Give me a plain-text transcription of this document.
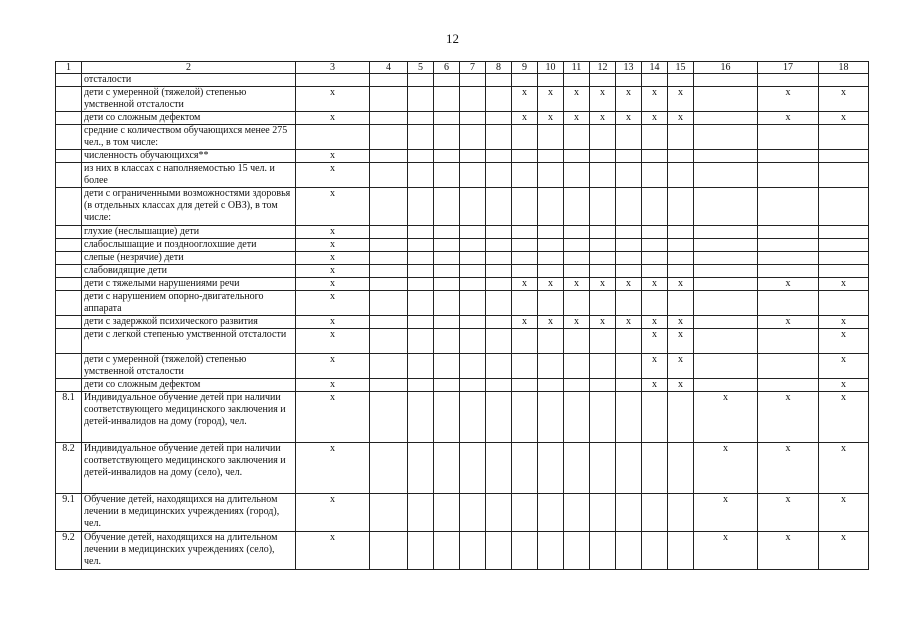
12
1	2	3	4	5	6	7	8	9	10	11	12	13	14	15	16	17	18
	отсталости																
	дети с умеренной (тяжелой) степенью умственной отсталости	x						x	x	x	x	x	x	x		x	x
	дети со сложным дефектом	x						x	x	x	x	x	x	x		x	x
	средние с количеством обучающихся менее 275 чел., в том числе:																
	численность обучающихся**	x															
	из них в классах с наполняемостью 15 чел. и более	x															
	дети с ограниченными возможностями здоровья (в отдельных классах для детей с ОВЗ), в том числе:	x															
	глухие (неслышащие) дети	x															
	слабослышащие и позднооглохшие дети	x															
	слепые (незрячие) дети	x															
	слабовидящие дети	x															
	дети с тяжелыми нарушениями речи	x						x	x	x	x	x	x	x		x	x
	дети с нарушением опорно-двигательного аппарата	x															
	дети с задержкой психического развития	x						x	x	x	x	x	x	x		x	x
	дети с легкой степенью умственной отсталости	x											x	x			x
	дети с умеренной (тяжелой) степенью умственной отсталости	x											x	x			x
	дети со сложным дефектом	x											x	x			x
8.1	Индивидуальное обучение детей при наличии соответствующего медицинского заключения и детей-инвалидов на дому (город), чел.	x													x	x	x
8.2	Индивидуальное обучение детей при наличии соответствующего медицинского заключения и детей-инвалидов на дому (село), чел.	x													x	x	x
9.1	Обучение детей, находящихся на длительном лечении в медицинских учреждениях (город), чел.	x													x	x	x
9.2	Обучение детей, находящихся на длительном лечении в медицинских учреждениях (село), чел.	x													x	x	x
